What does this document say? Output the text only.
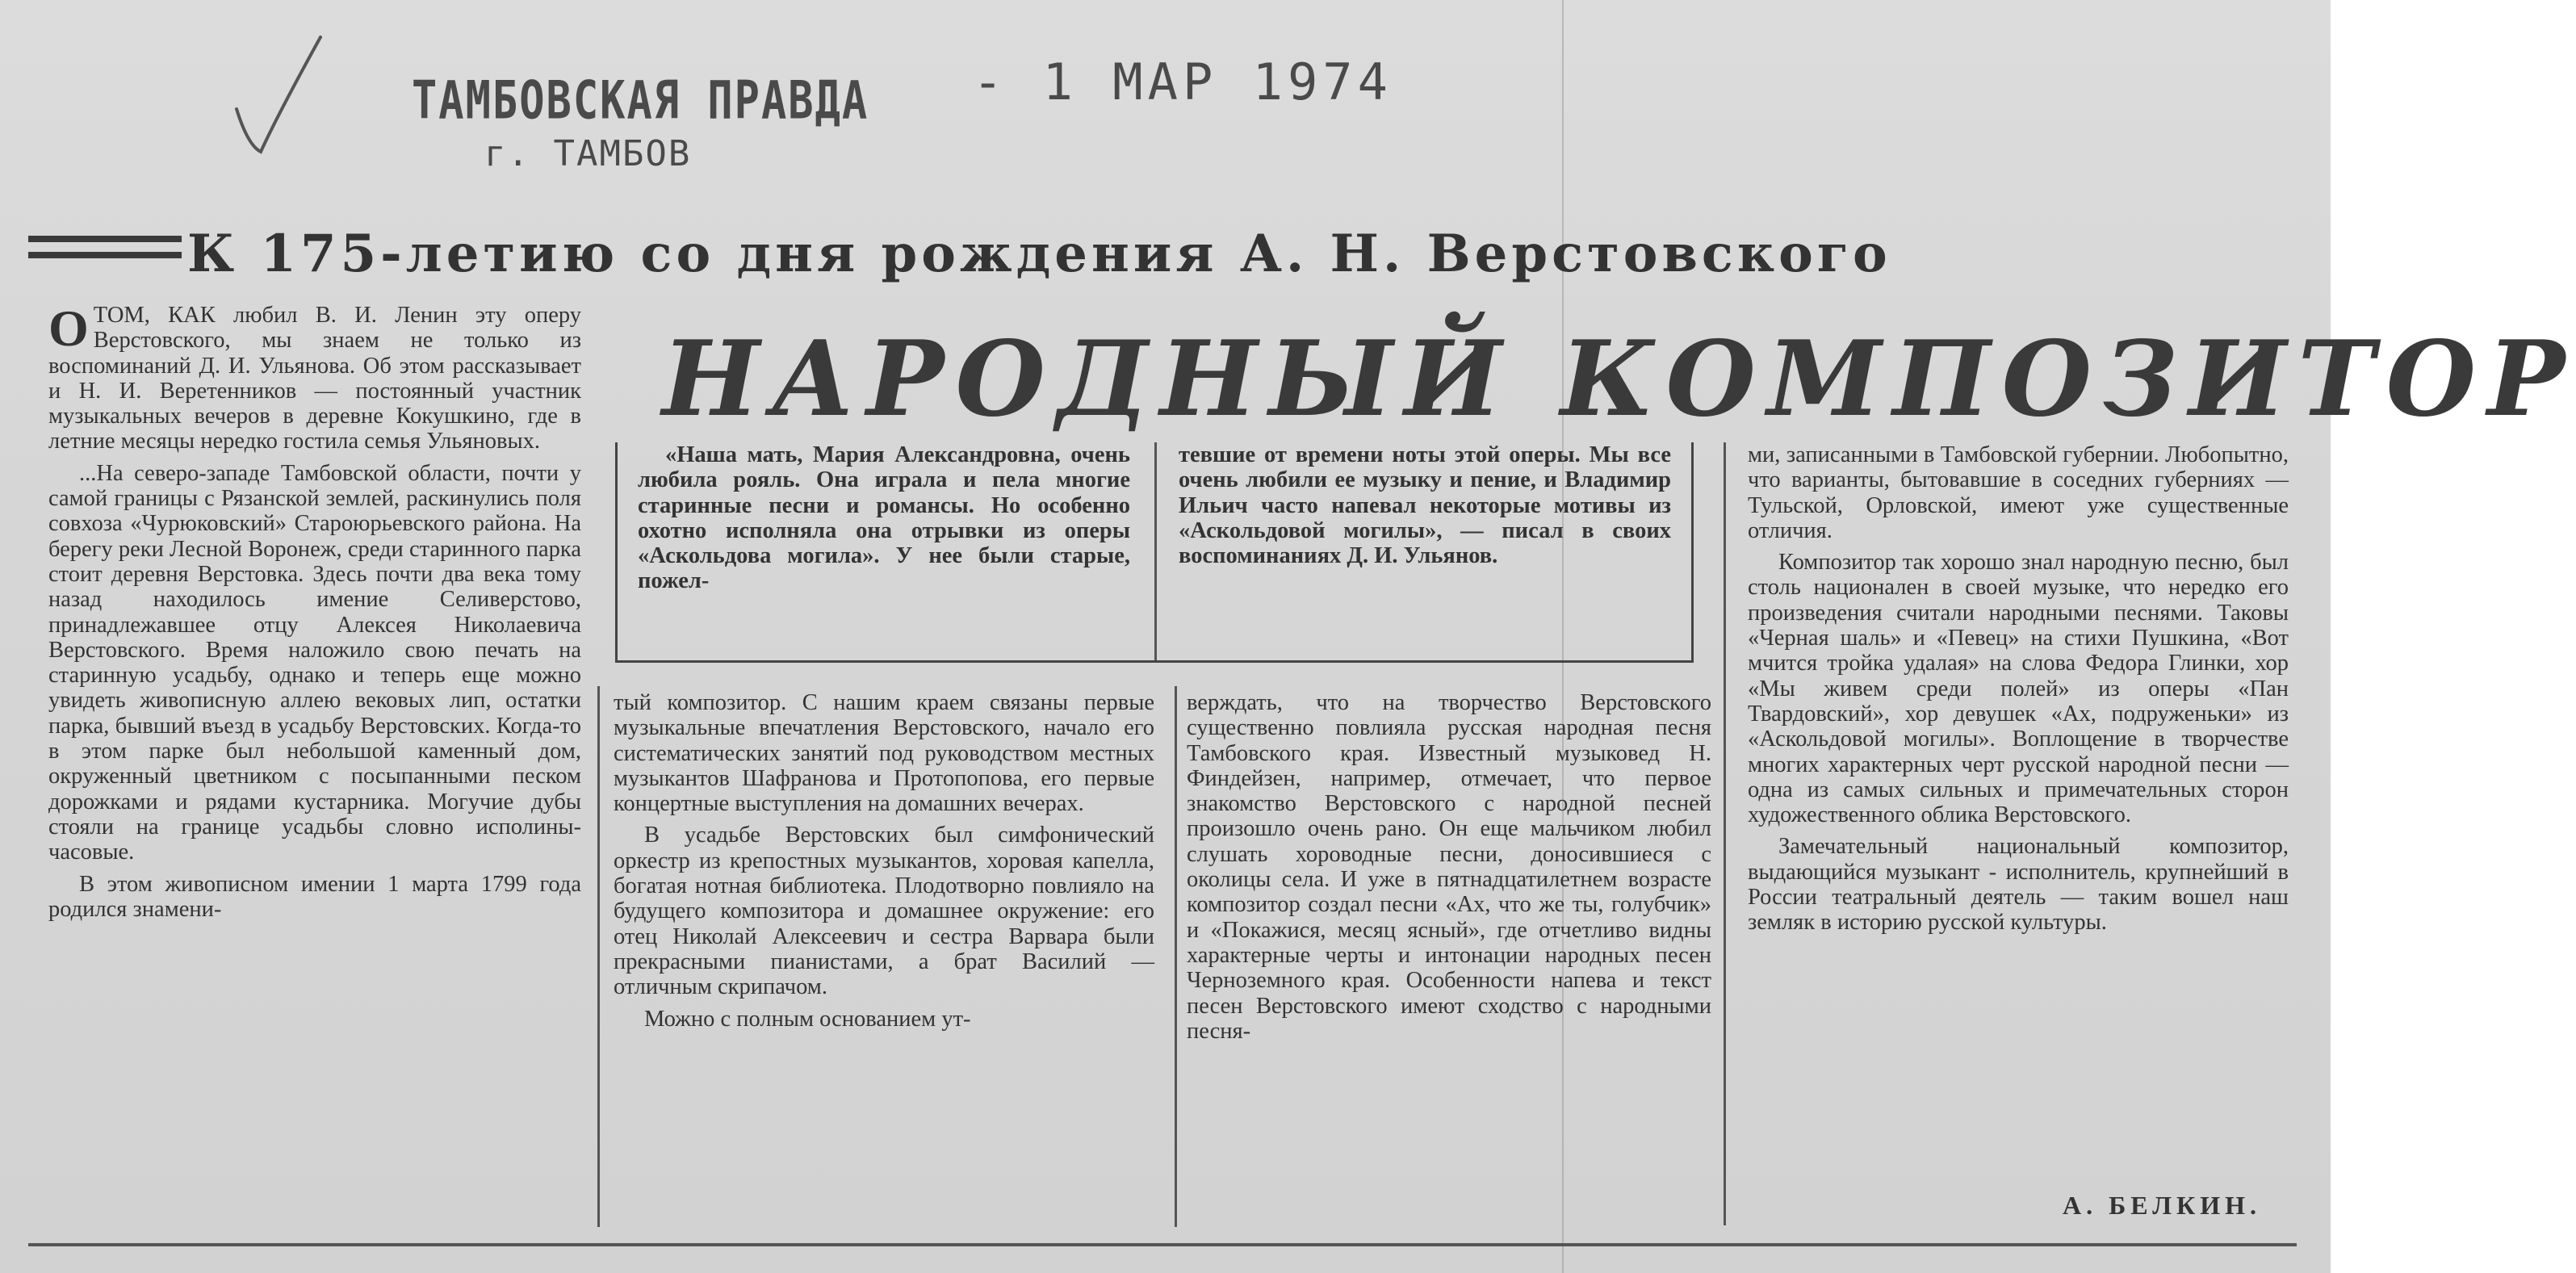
ТАМБОВСКАЯ ПРАВДА
г. ТАМБОВ
- 1 МАР 1974
К 175-летию со дня рождения А. Н. Верстовского
НАРОДНЫЙ КОМПОЗИТОР

ОТОМ, КАК любил В. И. Ленин эту оперу Верстовского, мы знаем не только из воспоминаний Д. И. Ульянова. Об этом рассказывает и Н. И. Веретенников — постоянный участник музыкальных вечеров в деревне Кокушкино, где в летние месяцы нередко гостила семья Ульяновых.

...На северо-западе Тамбовской области, почти у самой границы с Рязанской землей, раскинулись поля совхоза «Чурюковский» Староюрьевского района. На берегу реки Лесной Воронеж, среди старинного парка стоит деревня Верстовка. Здесь почти два века тому назад находилось имение Селиверстово, принадлежавшее отцу Алексея Николаевича Верстовского. Время наложило свою печать на старинную усадьбу, однако и теперь еще можно увидеть живописную аллею вековых лип, остатки парка, бывший въезд в усадьбу Верстовских. Когда-то в этом парке был небольшой каменный дом, окруженный цветником с посыпанными песком дорожками и рядами кустарника. Могучие дубы стояли на границе усадьбы словно исполины-часовые.

В этом живописном имении 1 марта 1799 года родился знамени-

«Наша мать, Мария Александровна, очень любила рояль. Она играла и пела многие старинные песни и романсы. Но особенно охотно исполняла она отрывки из оперы «Аскольдова могила». У нее были старые, пожел-

тевшие от времени ноты этой оперы. Мы все очень любили ее музыку и пение, и Владимир Ильич часто напевал некоторые мотивы из «Аскольдовой могилы», — писал в своих воспоминаниях Д. И. Ульянов.

тый композитор. С нашим краем связаны первые музыкальные впечатления Верстовского, начало его систематических занятий под руководством местных музыкантов Шафранова и Протопопова, его первые концертные выступления на домашних вечерах.

В усадьбе Верстовских был симфонический оркестр из крепостных музыкантов, хоровая капелла, богатая нотная библиотека. Плодотворно повлияло на будущего композитора и домашнее окружение: его отец Николай Алексеевич и сестра Варвара были прекрасными пианистами, а брат Василий — отличным скрипачом.

Можно с полным основанием ут-

верждать, что на творчество Верстовского существенно повлияла русская народная песня Тамбовского края. Известный музыковед Н. Финдейзен, например, отмечает, что первое знакомство Верстовского с народной песней произошло очень рано. Он еще мальчиком любил слушать хороводные песни, доносившиеся с околицы села. И уже в пятнадцатилетнем возрасте композитор создал песни «Ах, что же ты, голубчик» и «Покажися, месяц ясный», где отчетливо видны характерные черты и интонации народных песен Черноземного края. Особенности напева и текст песен Верстовского имеют сходство с народными песня-

ми, записанными в Тамбовской губернии. Любопытно, что варианты, бытовавшие в соседних губерниях — Тульской, Орловской, имеют уже существенные отличия.

Композитор так хорошо знал народную песню, был столь национален в своей музыке, что нередко его произведения считали народными песнями. Таковы «Черная шаль» и «Певец» на стихи Пушкина, «Вот мчится тройка удалая» на слова Федора Глинки, хор «Мы живем среди полей» из оперы «Пан Твардовский», хор девушек «Ах, подруженьки» из «Аскольдовой могилы». Воплощение в творчестве многих характерных черт русской народной песни — одна из самых сильных и примечательных сторон художественного облика Верстовского.

Замечательный национальный композитор, выдающийся музыкант - исполнитель, крупнейший в России театральный деятель — таким вошел наш земляк в историю русской культуры.

А. БЕЛКИН.
